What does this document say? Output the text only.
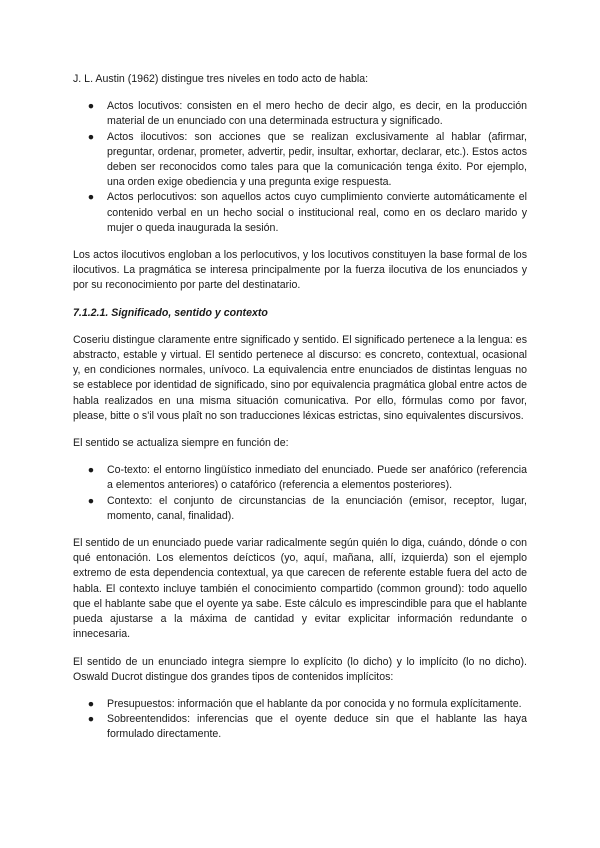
J. L. Austin (1962) distingue tres niveles en todo acto de habla:

● Actos locutivos: consisten en el mero hecho de decir algo, es decir, en la producción material de un enunciado con una determinada estructura y significado.
● Actos ilocutivos: son acciones que se realizan exclusivamente al hablar (afirmar, preguntar, ordenar, prometer, advertir, pedir, insultar, exhortar, declarar, etc.). Estos actos deben ser reconocidos como tales para que la comunicación tenga éxito. Por ejemplo, una orden exige obediencia y una pregunta exige respuesta.
● Actos perlocutivos: son aquellos actos cuyo cumplimiento convierte automáticamente el contenido verbal en un hecho social o institucional real, como en os declaro marido y mujer o queda inaugurada la sesión.

Los actos ilocutivos engloban a los perlocutivos, y los locutivos constituyen la base formal de los ilocutivos. La pragmática se interesa principalmente por la fuerza ilocutiva de los enunciados y por su reconocimiento por parte del destinatario.

7.1.2.1. Significado, sentido y contexto

Coseriu distingue claramente entre significado y sentido. El significado pertenece a la lengua: es abstracto, estable y virtual. El sentido pertenece al discurso: es concreto, contextual, ocasional y, en condiciones normales, unívoco. La equivalencia entre enunciados de distintas lenguas no se establece por identidad de significado, sino por equivalencia pragmática global entre actos de habla realizados en una misma situación comunicativa. Por ello, fórmulas como por favor, please, bitte o s'il vous plaît no son traducciones léxicas estrictas, sino equivalentes discursivos.

El sentido se actualiza siempre en función de:

● Co-texto: el entorno lingüístico inmediato del enunciado. Puede ser anafórico (referencia a elementos anteriores) o catafórico (referencia a elementos posteriores).
● Contexto: el conjunto de circunstancias de la enunciación (emisor, receptor, lugar, momento, canal, finalidad).

El sentido de un enunciado puede variar radicalmente según quién lo diga, cuándo, dónde o con qué entonación. Los elementos deícticos (yo, aquí, mañana, allí, izquierda) son el ejemplo extremo de esta dependencia contextual, ya que carecen de referente estable fuera del acto de habla. El contexto incluye también el conocimiento compartido (common ground): todo aquello que el hablante sabe que el oyente ya sabe. Este cálculo es imprescindible para que el hablante pueda ajustarse a la máxima de cantidad y evitar explicitar información redundante o innecesaria.

El sentido de un enunciado integra siempre lo explícito (lo dicho) y lo implícito (lo no dicho). Oswald Ducrot distingue dos grandes tipos de contenidos implícitos:

● Presupuestos: información que el hablante da por conocida y no formula explícitamente.
● Sobreentendidos: inferencias que el oyente deduce sin que el hablante las haya formulado directamente.
